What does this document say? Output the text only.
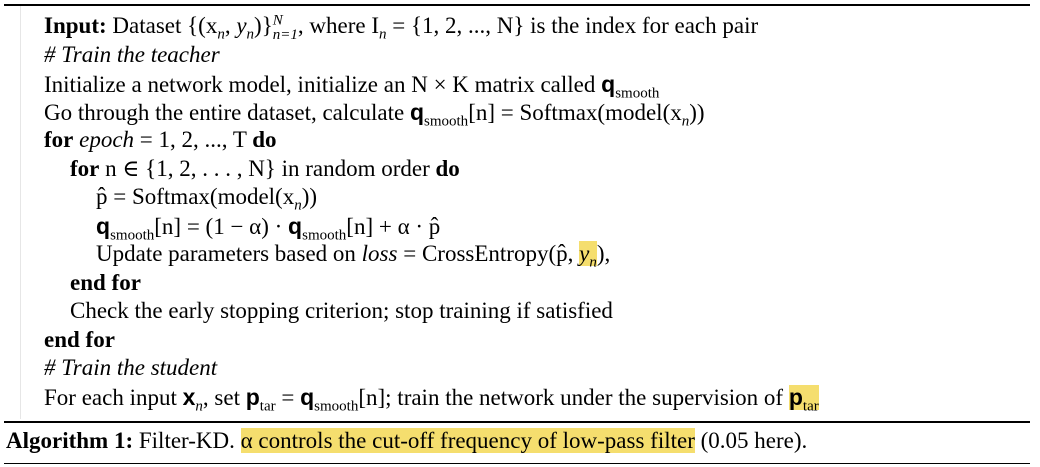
Input: Dataset {($x_n$, $y_n)\}^N_{n=1}$, where $I_n = \{1$, 2, ..., N} is the index for each pair
# Train the teacher
Initialize a network model, initialize an N × K matrix called $q_{smooth}$
Go through the entire dataset, calculate $q_{smooth}[n]$ = $Softmax(model(x_n))$
for epoch = 1, 2, ..., T do
for n ∈ {1, 2, . . . , N} in random order do
p̂ = $Softmax(model(x_n))$
$q_{smooth}[n] = (1 - \alpha) \cdot q_{smooth}[n] + \alpha$ · p̂
Update parameters based on loss = CrossEntropy(p̂, $y_n$),
end for
Check the early stopping criterion; stop training if satisfied
end for
# Train the student
For each input $x_n$, set $p_{tar} = q_{smooth}[n]$; train the network under the supervision of $p_{tar}$
Algorithm 1: Filter-KD. α controls the cut-off frequency of low-pass filter (0.05 here).
